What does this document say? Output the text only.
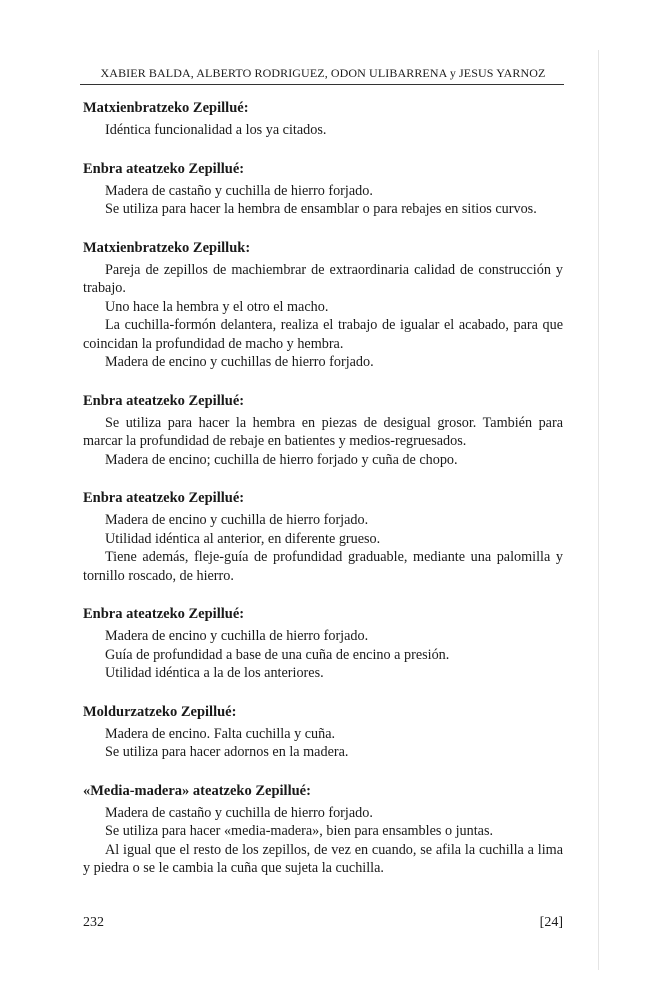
XABIER BALDA, ALBERTO RODRIGUEZ, ODON ULIBARRENA y JESUS YARNOZ
Matxienbratzeko Zepillué:

Idéntica funcionalidad a los ya citados.

Enbra ateatzeko Zepillué:

Madera de castaño y cuchilla de hierro forjado.

Se utiliza para hacer la hembra de ensamblar o para rebajes en sitios curvos.

Matxienbratzeko Zepilluk:

Pareja de zepillos de machiembrar de extraordinaria calidad de construcción y trabajo.

Uno hace la hembra y el otro el macho.

La cuchilla-formón delantera, realiza el trabajo de igualar el acabado, para que coincidan la profundidad de macho y hembra.

Madera de encino y cuchillas de hierro forjado.

Enbra ateatzeko Zepillué:

Se utiliza para hacer la hembra en piezas de desigual grosor. También para marcar la profundidad de rebaje en batientes y medios-regruesados.

Madera de encino; cuchilla de hierro forjado y cuña de chopo.

Enbra ateatzeko Zepillué:

Madera de encino y cuchilla de hierro forjado.

Utilidad idéntica al anterior, en diferente grueso.

Tiene además, fleje-guía de profundidad graduable, mediante una palomilla y tornillo roscado, de hierro.

Enbra ateatzeko Zepillué:

Madera de encino y cuchilla de hierro forjado.

Guía de profundidad a base de una cuña de encino a presión.

Utilidad idéntica a la de los anteriores.

Moldurzatzeko Zepillué:

Madera de encino. Falta cuchilla y cuña.

Se utiliza para hacer adornos en la madera.

«Media-madera» ateatzeko Zepillué:

Madera de castaño y cuchilla de hierro forjado.

Se utiliza para hacer «media-madera», bien para ensambles o juntas.

Al igual que el resto de los zepillos, de vez en cuando, se afila la cuchilla a lima y piedra o se le cambia la cuña que sujeta la cuchilla.

232	[24]
